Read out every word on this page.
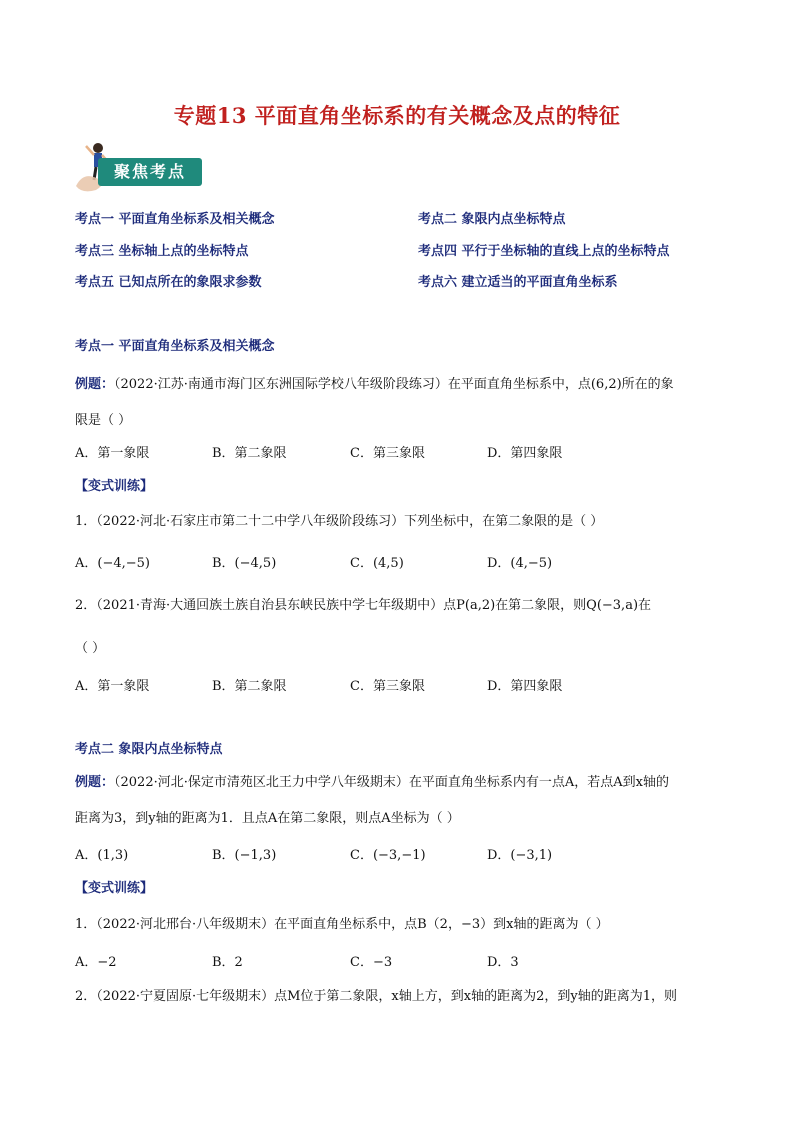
专题13 平面直角坐标系的有关概念及点的特征
聚焦考点
考点一 平面直角坐标系及相关概念	考点二 象限内点坐标特点
考点三 坐标轴上点的坐标特点	考点四 平行于坐标轴的直线上点的坐标特点
考点五 已知点所在的象限求参数	考点六 建立适当的平面直角坐标系
考点一 平面直角坐标系及相关概念
例题：（2022·江苏·南通市海门区东洲国际学校八年级阶段练习）在平面直角坐标系中，点(6,2)所在的象
限是（ ）
A．第一象限	B．第二象限	C．第三象限	D．第四象限
【变式训练】
1．（2022·河北·石家庄市第二十二中学八年级阶段练习）下列坐标中，在第二象限的是（ ）
A．(−4,−5)	B．(−4,5)	C．(4,5)	D．(4,−5)
2．（2021·青海·大通回族土族自治县东峡民族中学七年级期中）点P(a,2)在第二象限，则Q(−3,a)在
（ ）
A．第一象限	B．第二象限	C．第三象限	D．第四象限
考点二 象限内点坐标特点
例题：（2022·河北·保定市清苑区北王力中学八年级期末）在平面直角坐标系内有一点A，若点A到x轴的
距离为3，到y轴的距离为1．且点A在第二象限，则点A坐标为（ ）
A．(1,3)	B．(−1,3)	C．(−3,−1)	D．(−3,1)
【变式训练】
1．（2022·河北邢台·八年级期末）在平面直角坐标系中，点B（2，−3）到x轴的距离为（ ）
A．−2	B．2	C．−3	D．3
2．（2022·宁夏固原·七年级期末）点M位于第二象限，x轴上方，到x轴的距离为2，到y轴的距离为1，则
